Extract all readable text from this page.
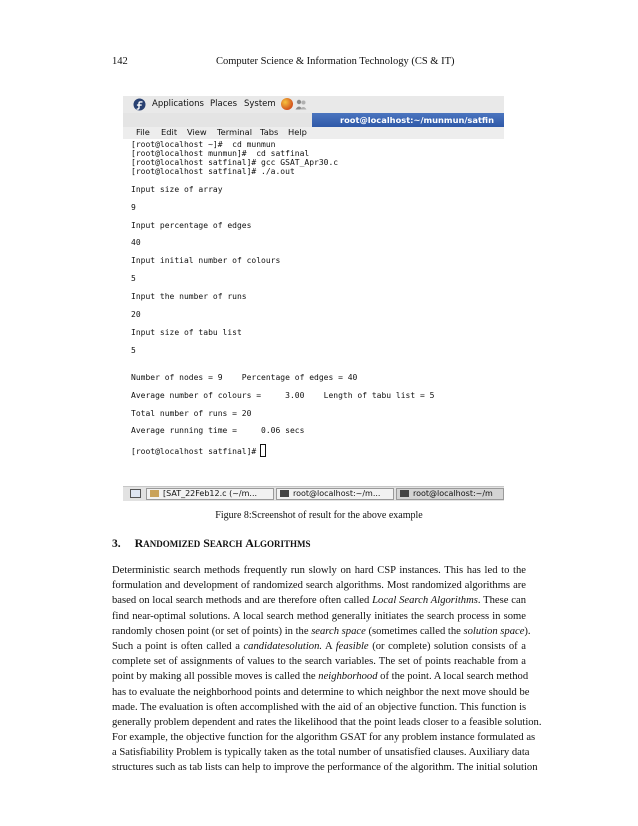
142	Computer Science & Information Technology (CS & IT)
Applications Places System
root@localhost:~/munmun/satfin
File Edit View Terminal Tabs Help
[root@localhost ~]#  cd munmun
[root@localhost munmun]#  cd satfinal
[root@localhost satfinal]# gcc GSAT_Apr30.c
[root@localhost satfinal]# ./a.out
Input size of array
9
Input percentage of edges
40
Input initial number of colours
5
Input the number of runs
20
Input size of tabu list
5
Number of nodes = 9    Percentage of edges = 40
Average number of colours =     3.00    Length of tabu list = 5
Total number of runs = 20
Average running time =     0.06 secs
[root@localhost satfinal]#
[SAT_22Feb12.c (~/m...	root@localhost:~/m...	root@localhost:~/m
Figure 8:Screenshot of result for the above example
3. RANDOMIZED SEARCH ALGORITHMS
Deterministic search methods frequently run slowly on hard CSP instances. This has led to the
formulation and development of randomized search algorithms. Most randomized algorithms are
based on local search methods and are therefore often called Local Search Algorithms. These can
find near-optimal solutions. A local search method generally initiates the search process in some
randomly chosen point (or set of points) in the search space (sometimes called the solution space).
Such a point is often called a candidatesolution. A feasible (or complete) solution consists of a
complete set of assignments of values to the search variables. The set of points reachable from a
point by making all possible moves is called the neighborhood of the point. A local search method
has to evaluate the neighborhood points and determine to which neighbor the next move should be
made. The evaluation is often accomplished with the aid of an objective function. This function is
generally problem dependent and rates the likelihood that the point leads closer to a feasible solution.
For example, the objective function for the algorithm GSAT for any problem instance formulated as
a Satisfiability Problem is typically taken as the total number of unsatisfied clauses. Auxiliary data
structures such as tab lists can help to improve the performance of the algorithm. The initial solution
